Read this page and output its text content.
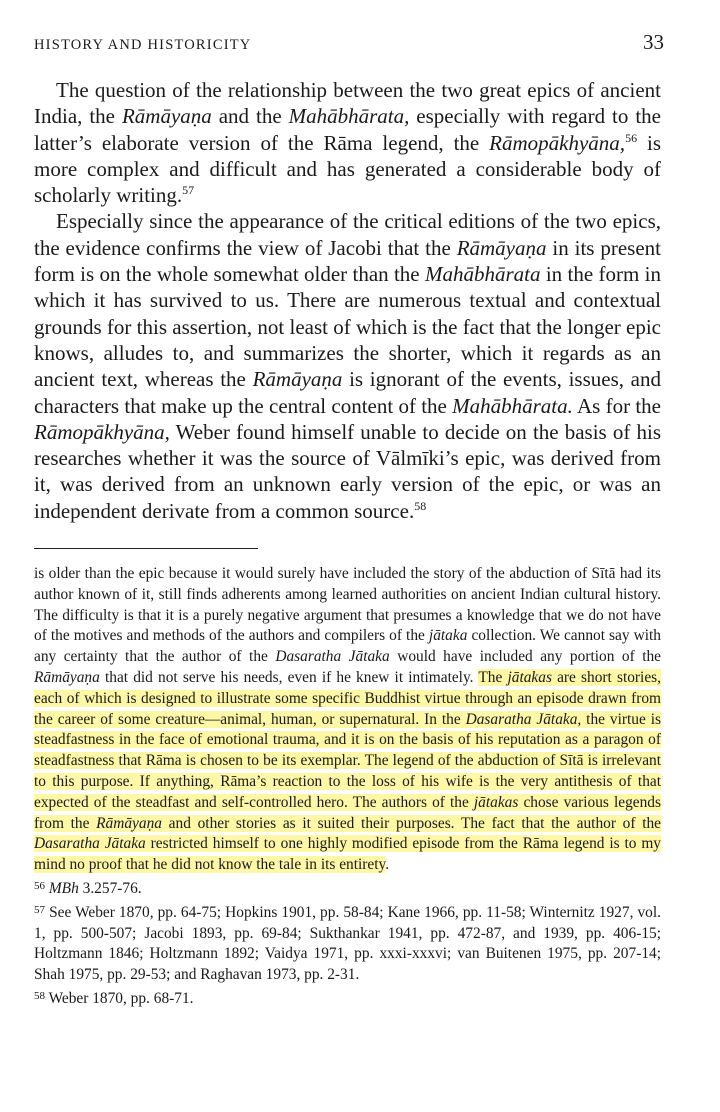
HISTORY AND HISTORICITY	33

The question of the relationship between the two great epics of ancient India, the Rāmāyaṇa and the Mahābhārata, especially with regard to the latter’s elaborate version of the Rāma legend, the Rāmopākhyāna,$^{56}$ is more complex and difficult and has generated a considerable body of scholarly writing.$^{57}$

Especially since the appearance of the critical editions of the two epics, the evidence confirms the view of Jacobi that the Rāmāyaṇa in its present form is on the whole somewhat older than the Mahābhārata in the form in which it has survived to us. There are numerous textual and contextual grounds for this assertion, not least of which is the fact that the longer epic knows, alludes to, and summarizes the shorter, which it regards as an ancient text, whereas the Rāmāyaṇa is ignorant of the events, issues, and characters that make up the central content of the Mahābhārata. As for the Rāmopākhyāna, Weber found himself unable to decide on the basis of his researches whether it was the source of Vālmīki’s epic, was derived from it, was derived from an unknown early version of the epic, or was an independent derivate from a common source.$^{58}$

is older than the epic because it would surely have included the story of the abduction of Sītā had its author known of it, still finds adherents among learned authorities on ancient Indian cultural history. The difficulty is that it is a purely negative argument that presumes a knowledge that we do not have of the motives and methods of the authors and compilers of the jātaka collection. We cannot say with any certainty that the author of the Dasaratha Jātaka would have included any portion of the Rāmāyaṇa that did not serve his needs, even if he knew it intimately. The jātakas are short stories, each of which is designed to illustrate some specific Buddhist virtue through an episode drawn from the career of some creature—animal, human, or supernatural. In the Dasaratha Jātaka, the virtue is steadfastness in the face of emotional trauma, and it is on the basis of his reputation as a paragon of steadfastness that Rāma is chosen to be its exemplar. The legend of the abduction of Sītā is irrelevant to this purpose. If anything, Rāma’s reaction to the loss of his wife is the very antithesis of that expected of the steadfast and self-controlled hero. The authors of the jātakas chose various legends from the Rāmāyaṇa and other stories as it suited their purposes. The fact that the author of the Dasaratha Jātaka restricted himself to one highly modified episode from the Rāma legend is to my mind no proof that he did not know the tale in its entirety.

$^{56}$ MBh 3.257-76.

$^{57}$ See Weber 1870, pp. 64-75; Hopkins 1901, pp. 58-84; Kane 1966, pp. 11-58; Winternitz 1927, vol. 1, pp. 500-507; Jacobi 1893, pp. 69-84; Sukthankar 1941, pp. 472-87, and 1939, pp. 406-15; Holtzmann 1846; Holtzmann 1892; Vaidya 1971, pp. xxxi-xxxvi; van Buitenen 1975, pp. 207-14; Shah 1975, pp. 29-53; and Raghavan 1973, pp. 2-31.

$^{58}$ Weber 1870, pp. 68-71.
